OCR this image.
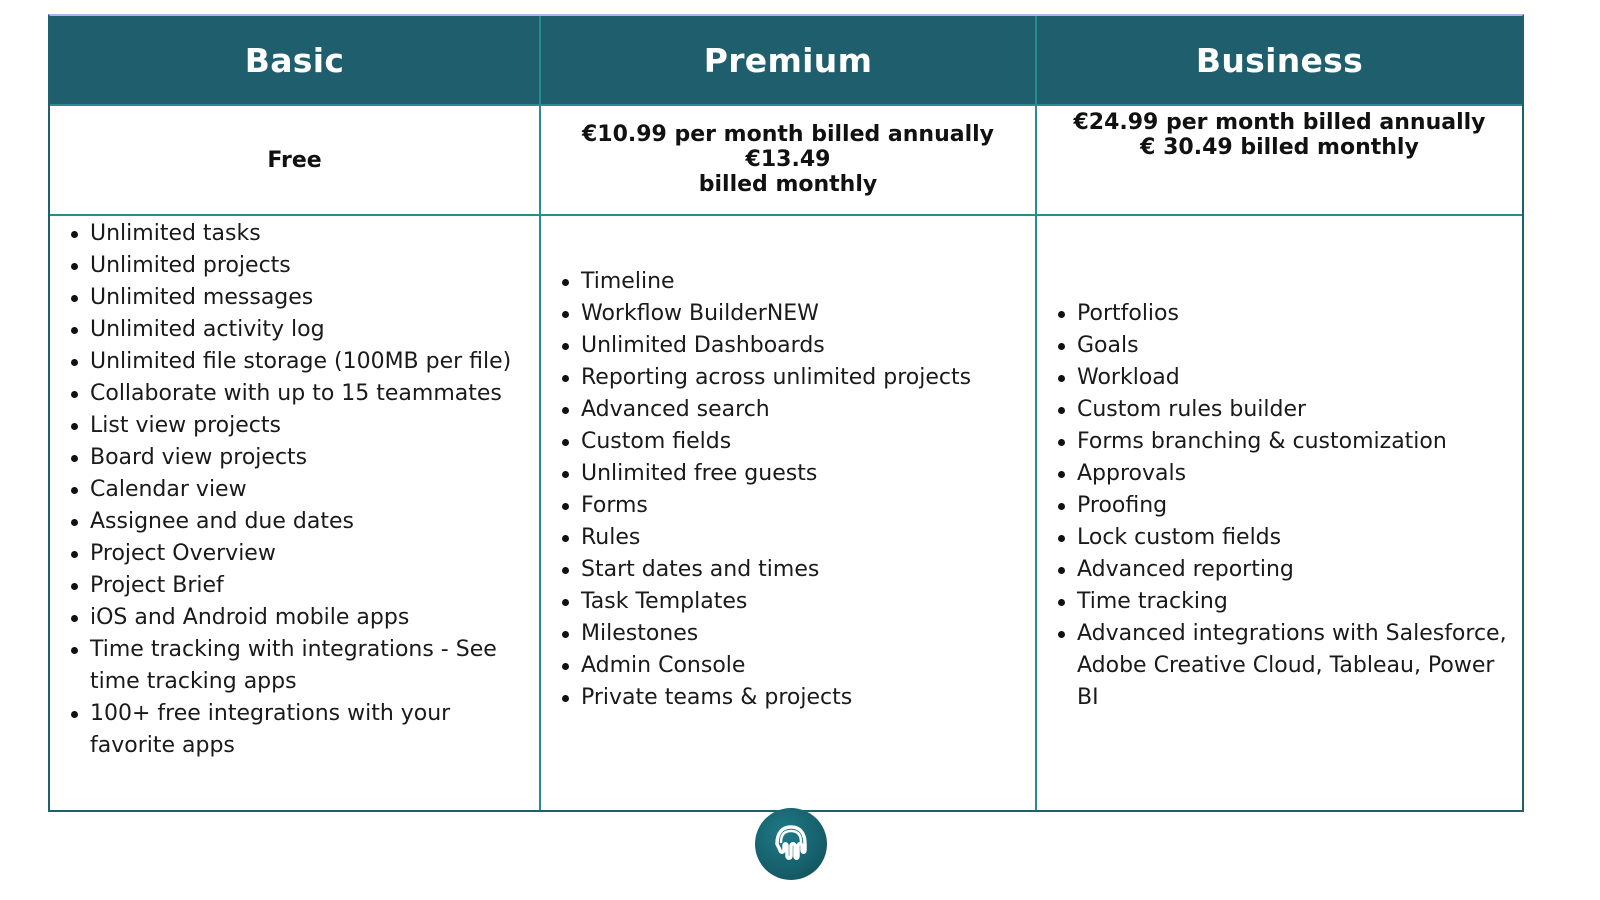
Basic	Premium	Business
Free
€10.99 per month billed annually €13.49
billed monthly
€24.99 per month billed annually
€ 30.49 billed monthly
Unlimited tasks
Unlimited projects
Unlimited messages
Unlimited activity log
Unlimited file storage (100MB per file)
Collaborate with up to 15 teammates
List view projects
Board view projects
Calendar view
Assignee and due dates
Project Overview
Project Brief
iOS and Android mobile apps
Time tracking with integrations - See time tracking apps
100+ free integrations with your favorite apps
Timeline
Workflow BuilderNEW
Unlimited Dashboards
Reporting across unlimited projects
Advanced search
Custom fields
Unlimited free guests
Forms
Rules
Start dates and times
Task Templates
Milestones
Admin Console
Private teams & projects
Portfolios
Goals
Workload
Custom rules builder
Forms branching & customization
Approvals
Proofing
Lock custom fields
Advanced reporting
Time tracking
Advanced integrations with Salesforce, Adobe Creative Cloud, Tableau, Power BI
